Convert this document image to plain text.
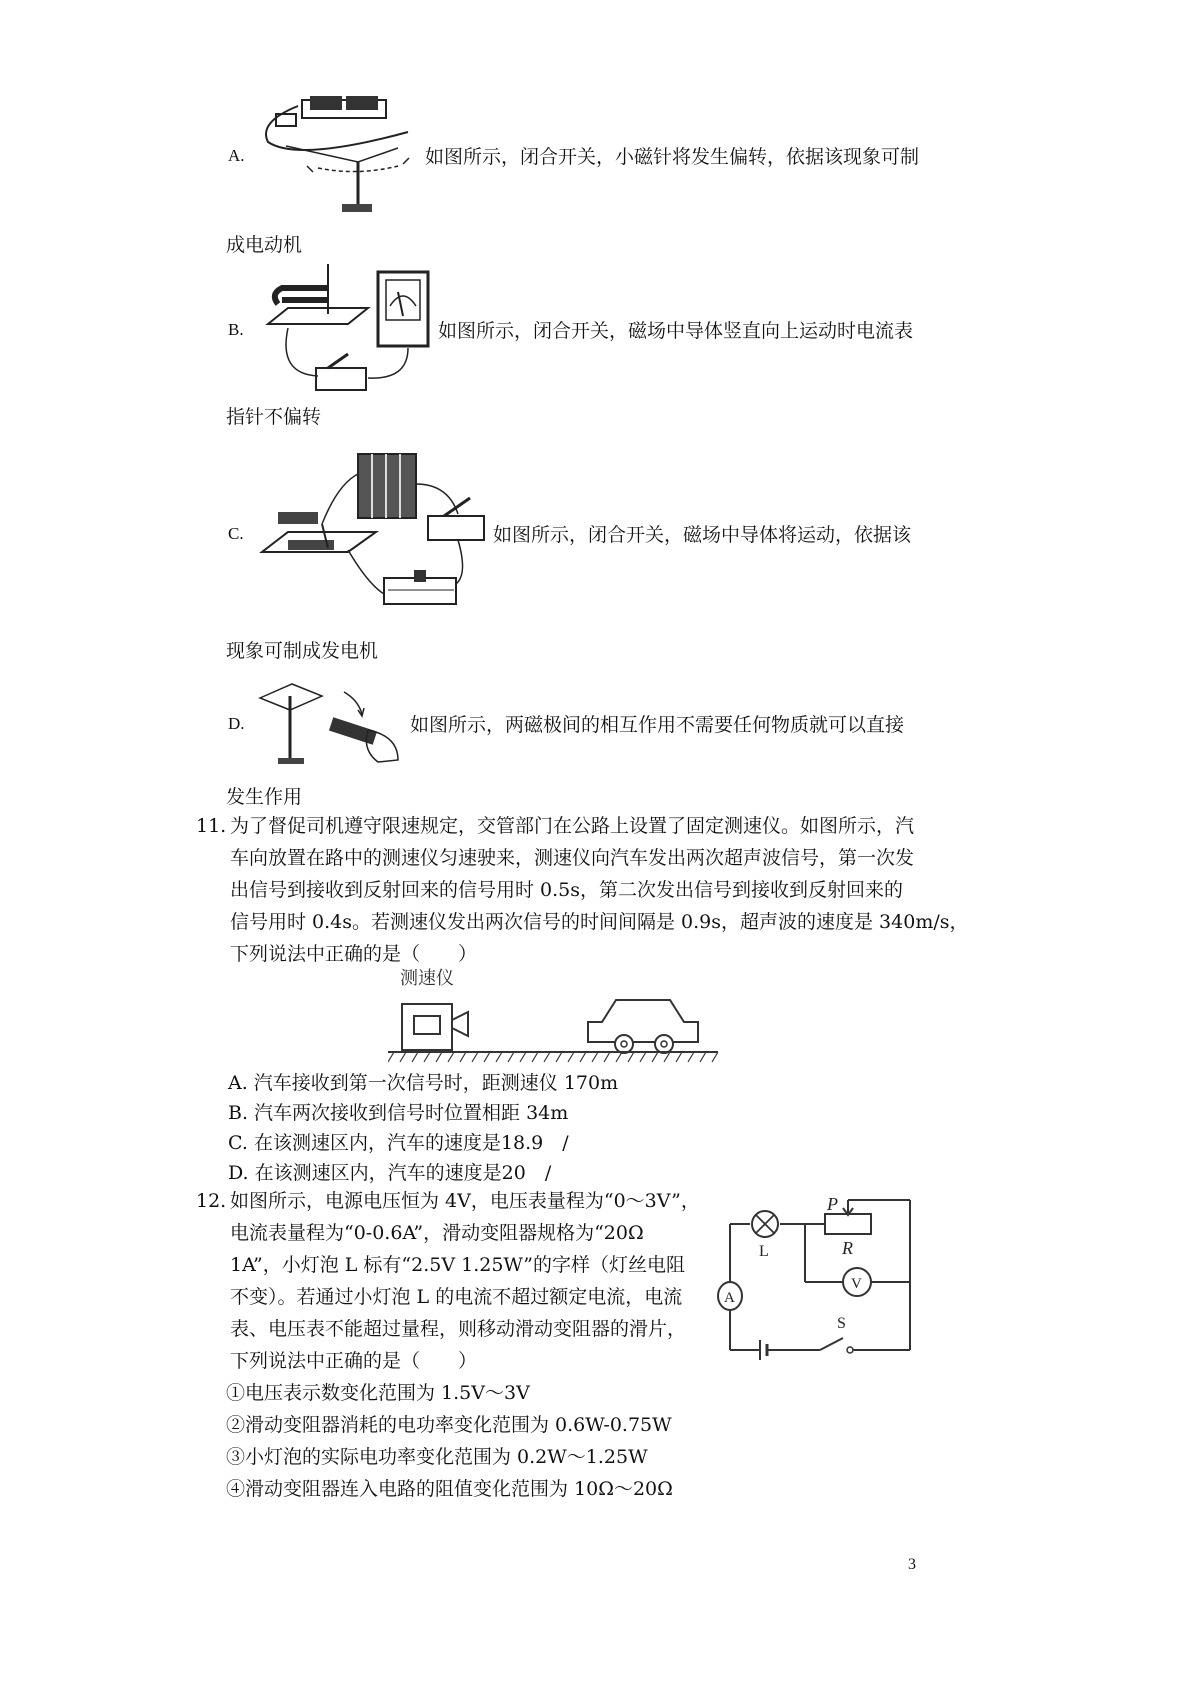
A.	如图所示，闭合开关，小磁针将发生偏转，依据该现象可制
成电动机
B.	如图所示，闭合开关，磁场中导体竖直向上运动时电流表
指针不偏转
C.	如图所示，闭合开关，磁场中导体将运动，依据该
现象可制成发电机
D.	如图所示，两磁极间的相互作用不需要任何物质就可以直接
发生作用
11. 为了督促司机遵守限速规定，交管部门在公路上设置了固定测速仪。如图所示，汽
车向放置在路中的测速仪匀速驶来，测速仪向汽车发出两次超声波信号，第一次发
出信号到接收到反射回来的信号用时 0.5s，第二次发出信号到接收到反射回来的
信号用时 0.4s。若测速仪发出两次信号的时间间隔是 0.9s，超声波的速度是 340m/s，
下列说法中正确的是（　　）
测速仪
A. 汽车接收到第一次信号时，距测速仪 170m
B. 汽车两次接收到信号时位置相距 34m
C. 在该测速区内，汽车的速度是18.9　/
D. 在该测速区内，汽车的速度是20　/
12. 如图所示，电源电压恒为 4V，电压表量程为“0～3V”，
电流表量程为“0-0.6A”，滑动变阻器规格为“20Ω
1A”，小灯泡 L 标有“2.5V 1.25W”的字样（灯丝电阻
不变）。若通过小灯泡 L 的电流不超过额定电流，电流
表、电压表不能超过量程，则移动滑动变阻器的滑片，
下列说法中正确的是（　　）
①电压表示数变化范围为 1.5V～3V
②滑动变阻器消耗的电功率变化范围为 0.6W-0.75W
③小灯泡的实际电功率变化范围为 0.2W～1.25W
④滑动变阻器连入电路的阻值变化范围为 10Ω～20Ω
P
R
L
V
A
S
3
